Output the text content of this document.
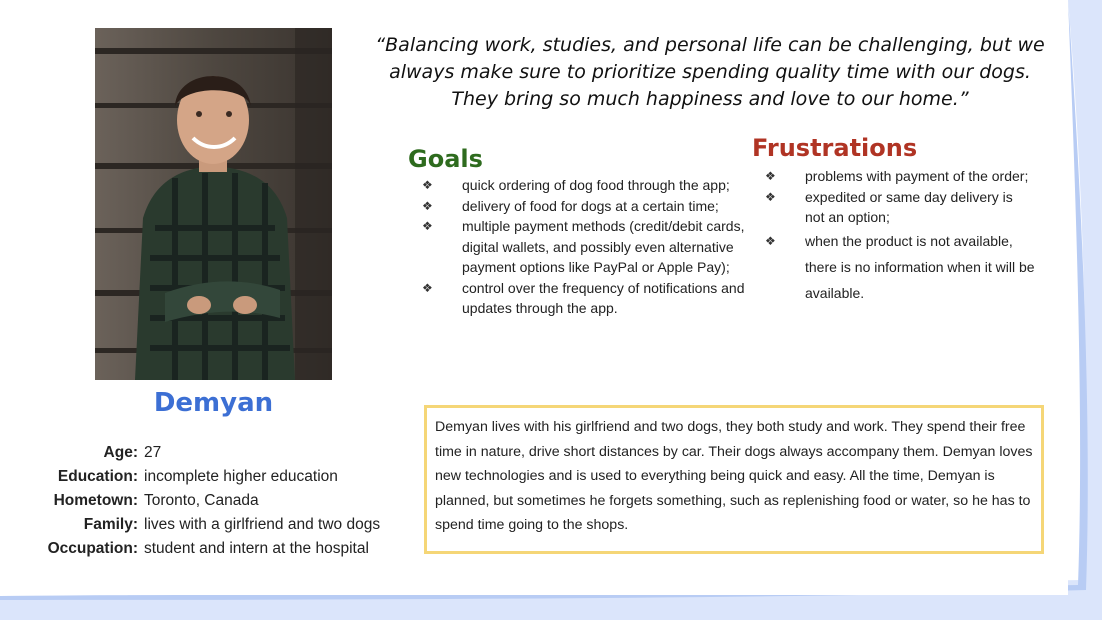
Demyan
Age: 27
Education: incomplete higher education
Hometown: Toronto, Canada
Family: lives with a girlfriend and two dogs
Occupation: student and intern at the hospital
“Balancing work, studies, and personal life can be challenging, but we always make sure to prioritize spending quality time with our dogs. They bring so much happiness and love to our home.”
Goals
❖ quick ordering of dog food through the app;
❖ delivery of food for dogs at a certain time;
❖ multiple payment methods (credit/debit cards, digital wallets, and possibly even alternative payment options like PayPal or Apple Pay);
❖ control over the frequency of notifications and updates through the app.
Frustrations
❖ problems with payment of the order;
❖ expedited or same day delivery is not an option;
❖ when the product is not available, there is no information when it will be available.
Demyan lives with his girlfriend and two dogs, they both study and work. They spend their free time in nature, drive short distances by car. Their dogs always accompany them. Demyan loves new technologies and is used to everything being quick and easy. All the time, Demyan is planned, but sometimes he forgets something, such as replenishing food or water, so he has to spend time going to the shops.
